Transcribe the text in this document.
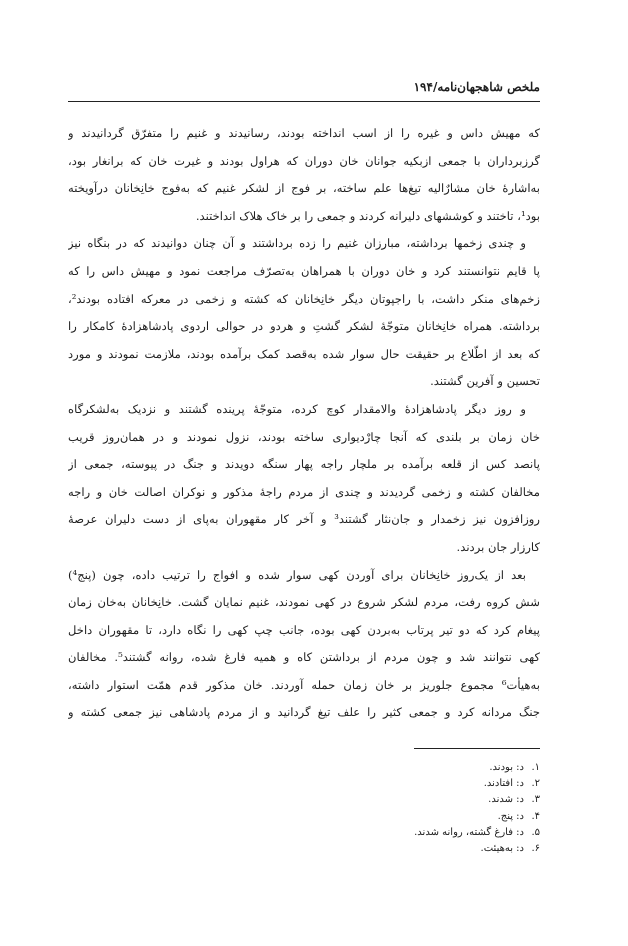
ملخص شاهجهان‌نامه/۱۹۴
که مهیش داس و غیره را از اسب انداخته بودند، رسانیدند و غنیم را متفرّق گردانیدند و
گرزبرداران با جمعی ازبکیه جوانان خان دوران که هراول بودند و غیرت خان که برانغار بود،
به‌اشارهٔ خان مشارٌالیه تیغ‌ها علم ساخته، بر فوج از لشکر غنیم که به‌فوج خانِخانان درآویخته
بود¹، تاختند و کوششهای دلیرانه کردند و جمعی را بر خاک هلاک انداختند.
و چندی زخمها برداشته، مبارزان غنیم را زده برداشتند و آن چنان دوانیدند که در بنگاه نیز
پا قایم نتوانستند کرد و خان دوران با همراهان به‌تصرّف مراجعت نمود و مهیش داس را که
زخم‌های منکر داشت، با راجپوتان دیگر خانِخانان که کشته و زخمی در معرکه افتاده بودند²،
برداشته. همراه خانِخانان متوجّهٔ لشکر گشتِ و هردو در حوالی اردوی پادشاهزادهٔ کامکار را
که بعد از اطّلاع بر حقیقت حال سوار شده به‌قصد کمک برآمده بودند، ملازمت نمودند و مورد
تحسین و آفرین گشتند.
و روز دیگر پادشاهزادهٔ والامقدار کوچ کرده، متوجّهٔ پرینده گشتند و نزدیک به‌لشکرگاه
خان زمان بر بلندی که آنجا چارْدیواری ساخته بودند، نزول نمودند و در همان‌روز قریب
پانصد کس از قلعه برآمده بر ملچار راجه پهار سنگه دویدند و جنگ در پیوسته، جمعی از
مخالفان کشته و زخمی گردیدند و چندی از مردم راجهٔ مذکور و نوکران اصالت خان و راجه
روزافزون نیز زخمدار و جان‌نثار گشتند³ و آخر کار مقهوران به‌پای از دست دلیران عرصهٔ
کارزار جان بردند.
بعد از یک‌روز خانِخانان برای آوردن کهی سوار شده و افواج را ترتیب داده، چون (پنج⁴)
شش کروه رفت، مردم لشکر شروع در کهی نمودند، غنیم نمایان گشت. خانِخانان به‌خان زمان
پیغام کرد که دو تیر پرتاب به‌بردن کهی بوده، جانب چپ کهی را نگاه دارد، تا مقهوران داخل
کهی نتوانند شد و چون مردم از برداشتن کاه و همیه فارغ شده، روانه گشتند⁵. مخالفان
به‌هیأت⁶ مجموع جلوریز بر خان زمان حمله آوردند. خان مذکور قدم همّت استوار داشته،
جنگ مردانه کرد و جمعی کثیر را علف تیغ گردانید و از مردم پادشاهی نیز جمعی کشته و
۱.د: بودند.
۲.د: افتادند.
۳.د: شدند.
۴.د: پنج.
۵.د: فارغ گشته، روانه شدند.
۶.د: به‌هیئت.
